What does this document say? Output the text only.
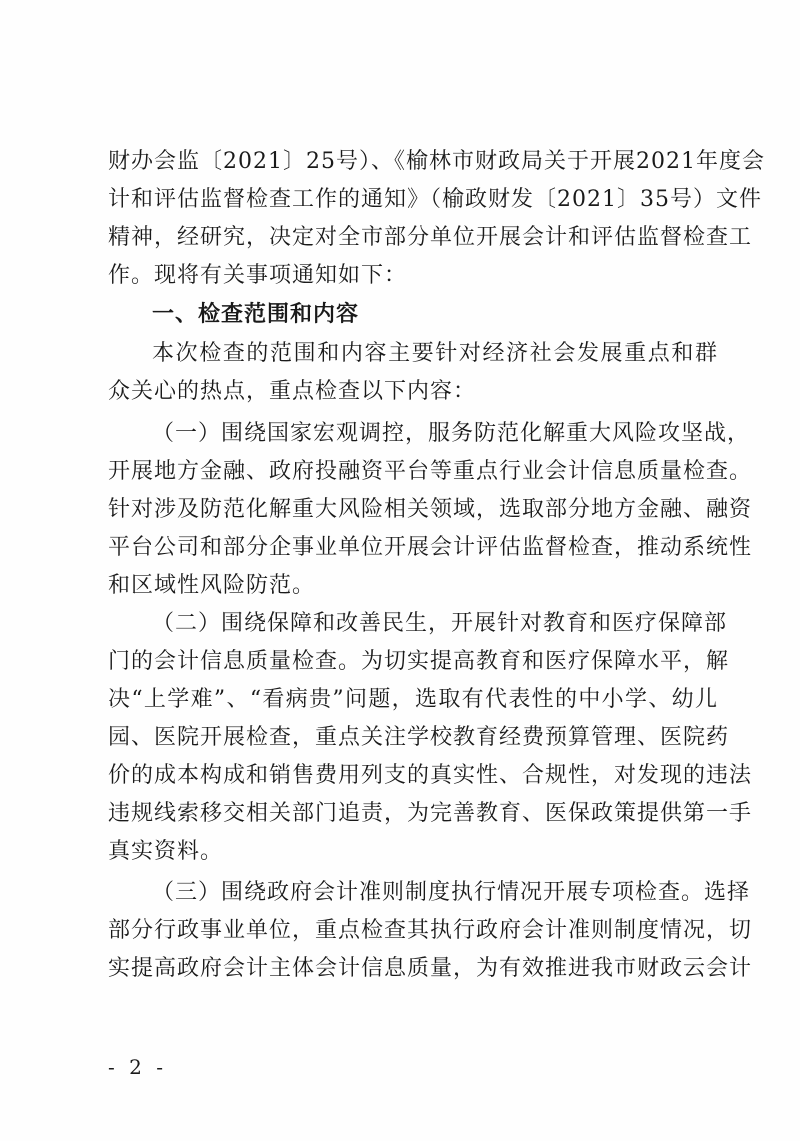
财办会监〔2021〕25号）、《榆林市财政局关于开展2021年度会
计和评估监督检查工作的通知》（榆政财发〔2021〕35号）文件
精神，经研究，决定对全市部分单位开展会计和评估监督检查工
作。现将有关事项通知如下：
一、检查范围和内容
本次检查的范围和内容主要针对经济社会发展重点和群
众关心的热点，重点检查以下内容：
（一）围绕国家宏观调控，服务防范化解重大风险攻坚战，
开展地方金融、政府投融资平台等重点行业会计信息质量检查。
针对涉及防范化解重大风险相关领域，选取部分地方金融、融资
平台公司和部分企事业单位开展会计评估监督检查，推动系统性
和区域性风险防范。
（二）围绕保障和改善民生，开展针对教育和医疗保障部
门的会计信息质量检查。为切实提高教育和医疗保障水平，解
决“上学难”、“看病贵”问题，选取有代表性的中小学、幼儿
园、医院开展检查，重点关注学校教育经费预算管理、医院药
价的成本构成和销售费用列支的真实性、合规性，对发现的违法
违规线索移交相关部门追责，为完善教育、医保政策提供第一手
真实资料。
（三）围绕政府会计准则制度执行情况开展专项检查。选择
部分行政事业单位，重点检查其执行政府会计准则制度情况，切
实提高政府会计主体会计信息质量，为有效推进我市财政云会计
- 2 -
